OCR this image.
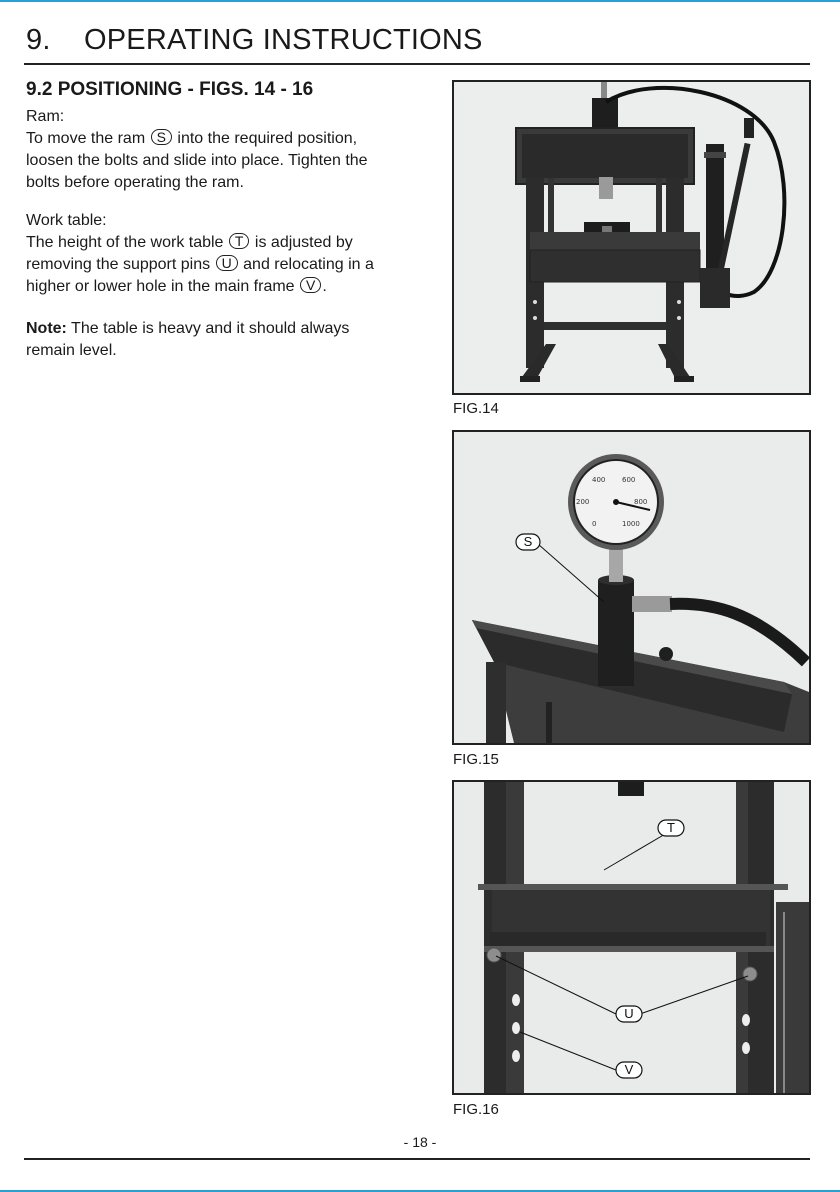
9. OPERATING INSTRUCTIONS
9.2 POSITIONING - FIGS. 14 - 16
Ram:
To move the ram S into the required position,
loosen the bolts and slide into place. Tighten the
bolts before operating the ram.
Work table:
The height of the work table T is adjusted by
removing the support pins U and relocating in a
higher or lower hole in the main frame V .
Note: The table is heavy and it should always
remain level.
FIG.14
400 600
200	800
0	1000
S
FIG.15
T
U
V
FIG.16
- 18 -
